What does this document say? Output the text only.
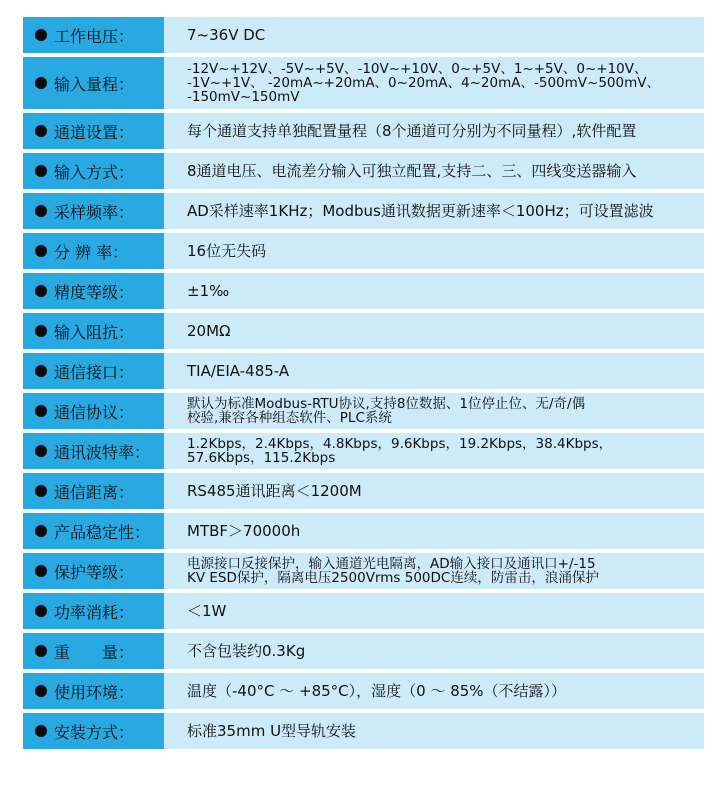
工作电压：	7~36V DC
输入量程：
-12V~+12V、-5V~+5V、-10V~+10V、0~+5V、1~+5V、0~+10V、
-1V~+1V、 -20mA~+20mA、0~20mA、4~20mA、-500mV~500mV、
-150mV~150mV
通道设置：	每个通道支持单独配置量程（8个通道可分别为不同量程）,软件配置
输入方式：	8通道电压、电流差分输入可独立配置,支持二、三、四线变送器输入
采样频率：	AD采样速率1KHz；Modbus通讯数据更新速率＜100Hz；可设置滤波
分 辨 率：	16位无失码
精度等级：	±1‰
输入阻抗：	20MΩ
通信接口：	TIA/EIA-485-A
通信协议：	默认为标准Modbus-RTU协议,支持8位数据、1位停止位、无/奇/偶
校验,兼容各种组态软件、PLC系统
通讯波特率：	1.2Kbps，2.4Kbps，4.8Kbps，9.6Kbps，19.2Kbps，38.4Kbps，
57.6Kbps，115.2Kbps
通信距离：	RS485通讯距离＜1200M
产品稳定性：	MTBF＞70000h
保护等级：	电源接口反接保护，输入通道光电隔离，AD输入接口及通讯口+/-15
KV ESD保护，隔离电压2500Vrms 500DC连续，防雷击，浪涌保护
功率消耗：	＜1W
重　　量：	不含包装约0.3Kg
使用环境：	温度（-40°C ～ +85°C），湿度（0 ～ 85%（不结露））
安装方式：	标准35mm U型导轨安装
